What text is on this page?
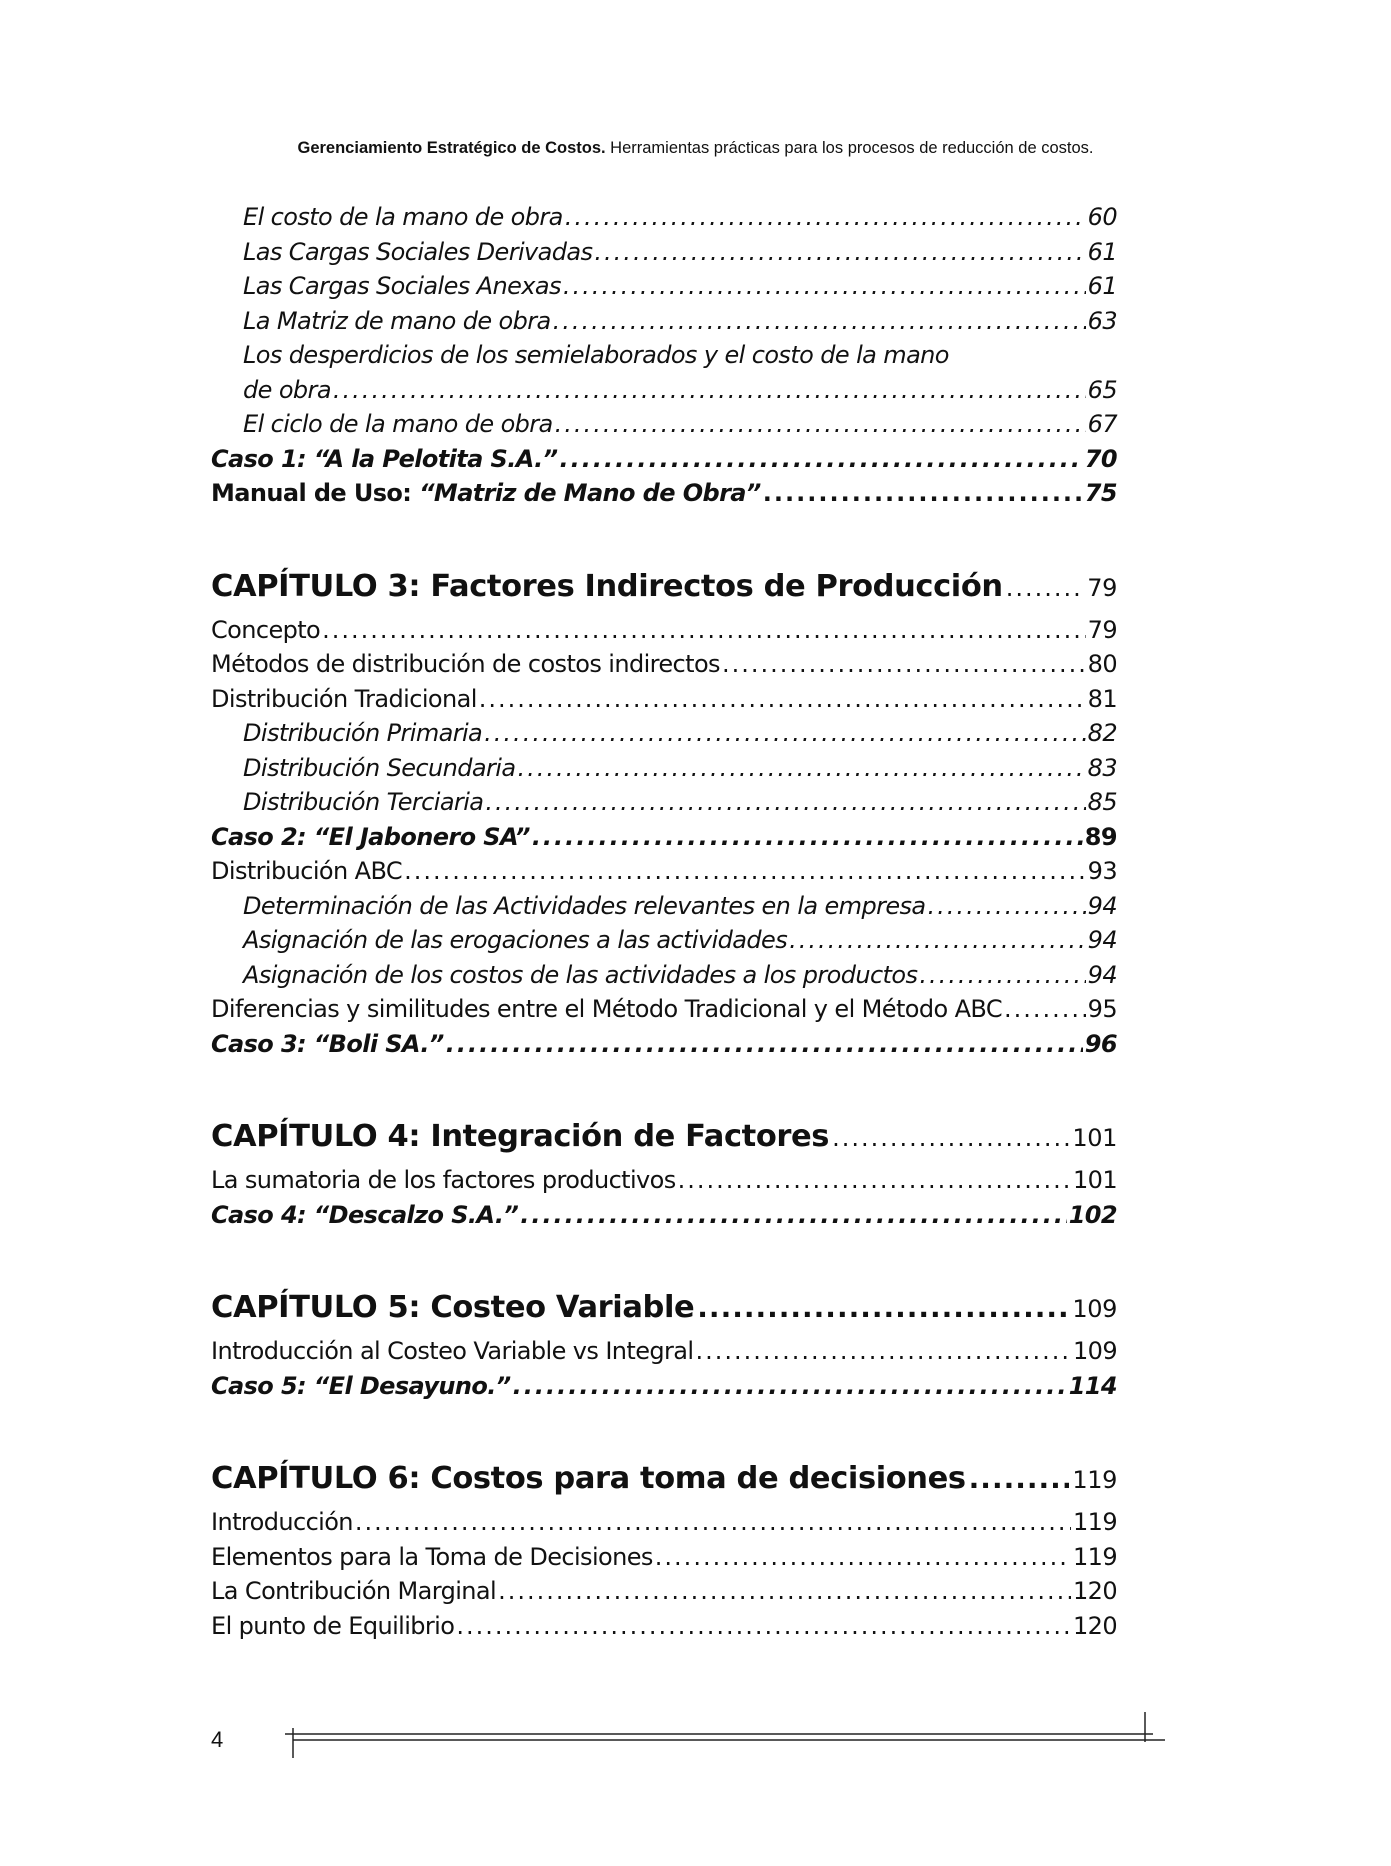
Gerenciamiento Estratégico de Costos. Herramientas prácticas para los procesos de reducción de costos.
El costo de la mano de obra .....	60
Las Cargas Sociales Derivadas .....	61
Las Cargas Sociales Anexas .....	61
La Matriz de mano de obra .....	63
Los desperdicios de los semielaborados y el costo de la mano
de obra .....	65
El ciclo de la mano de obra .....	67
Caso 1: “A la Pelotita S.A.” .....	70
Manual de Uso: “Matriz de Mano de Obra” .....	75
CAPÍTULO 3: Factores Indirectos de Producción .....	79
Concepto .....	79
Métodos de distribución de costos indirectos .....	80
Distribución Tradicional .....	81
Distribución Primaria .....	82
Distribución Secundaria .....	83
Distribución Terciaria .....	85
Caso 2: “El Jabonero SA” .....	89
Distribución ABC .....	93
Determinación de las Actividades relevantes en la empresa .....	94
Asignación de las erogaciones a las actividades .....	94
Asignación de los costos de las actividades a los productos .....	94
Diferencias y similitudes entre el Método Tradicional y el Método ABC .....	95
Caso 3: “Boli SA.” .....	96
CAPÍTULO 4: Integración de Factores .....	101
La sumatoria de los factores productivos .....	101
Caso 4: “Descalzo S.A.” .....	102
CAPÍTULO 5: Costeo Variable .....	109
Introducción al Costeo Variable vs Integral .....	109
Caso 5: “El Desayuno.” .....	114
CAPÍTULO 6: Costos para toma de decisiones .....	119
Introducción .....	119
Elementos para la Toma de Decisiones .....	119
La Contribución Marginal .....	120
El punto de Equilibrio .....	120
4
